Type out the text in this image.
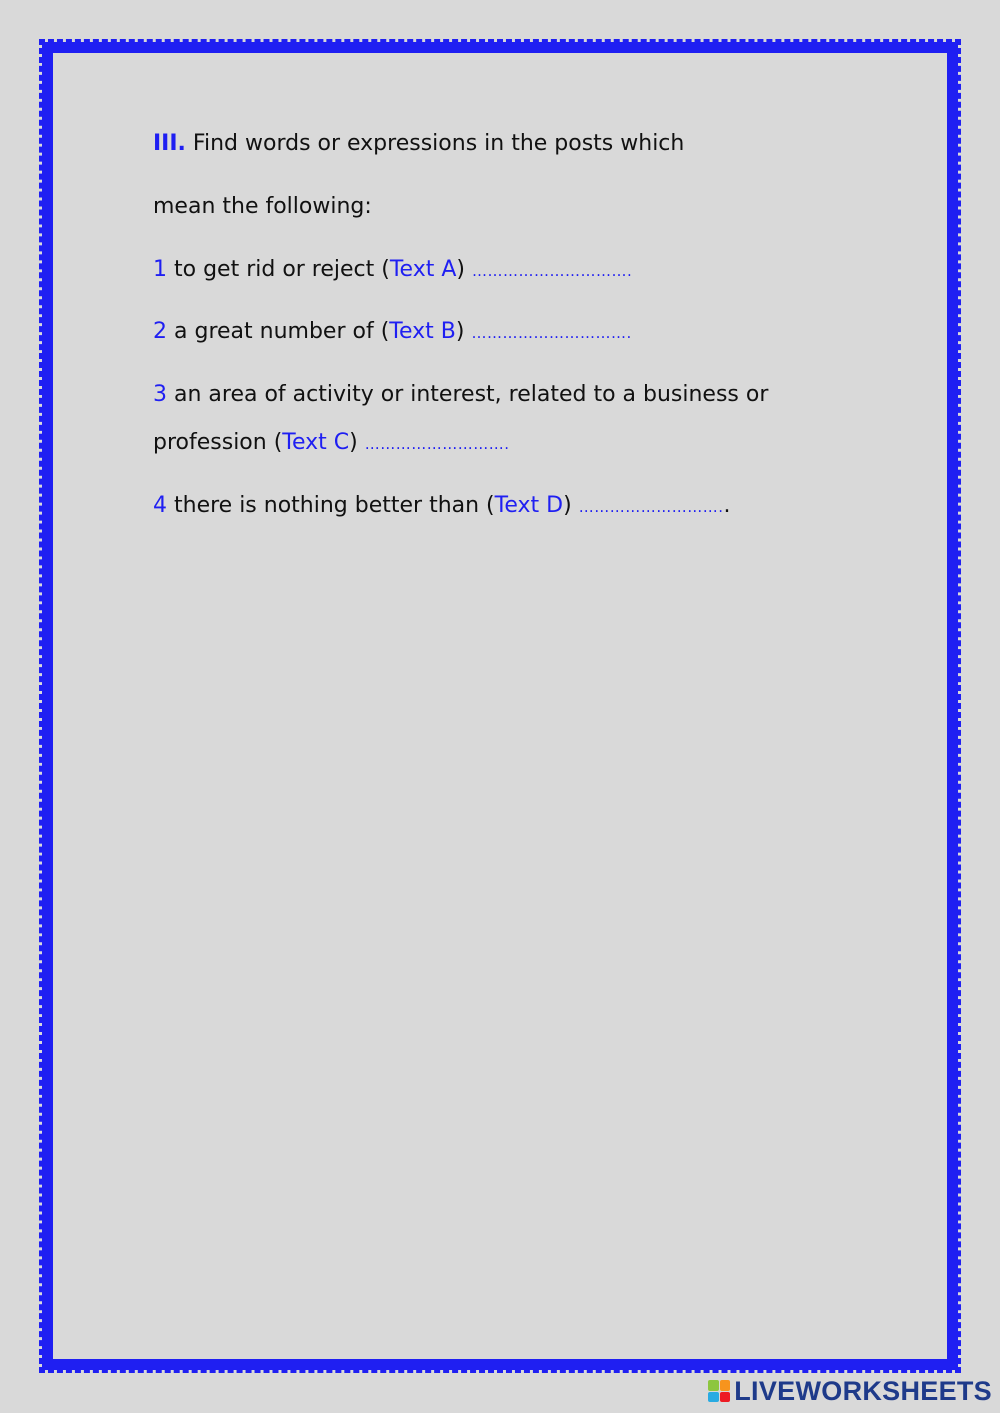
III. Find words or expressions in the posts which
mean the following:
1 to get rid or reject (Text A) ………………………….
2 a great number of (Text B) ………………………….
3 an area of activity or interest, related to a business or
profession (Text C) ……………………….
4 there is nothing better than (Text D) ………………………..
LIVEWORKSHEETS
